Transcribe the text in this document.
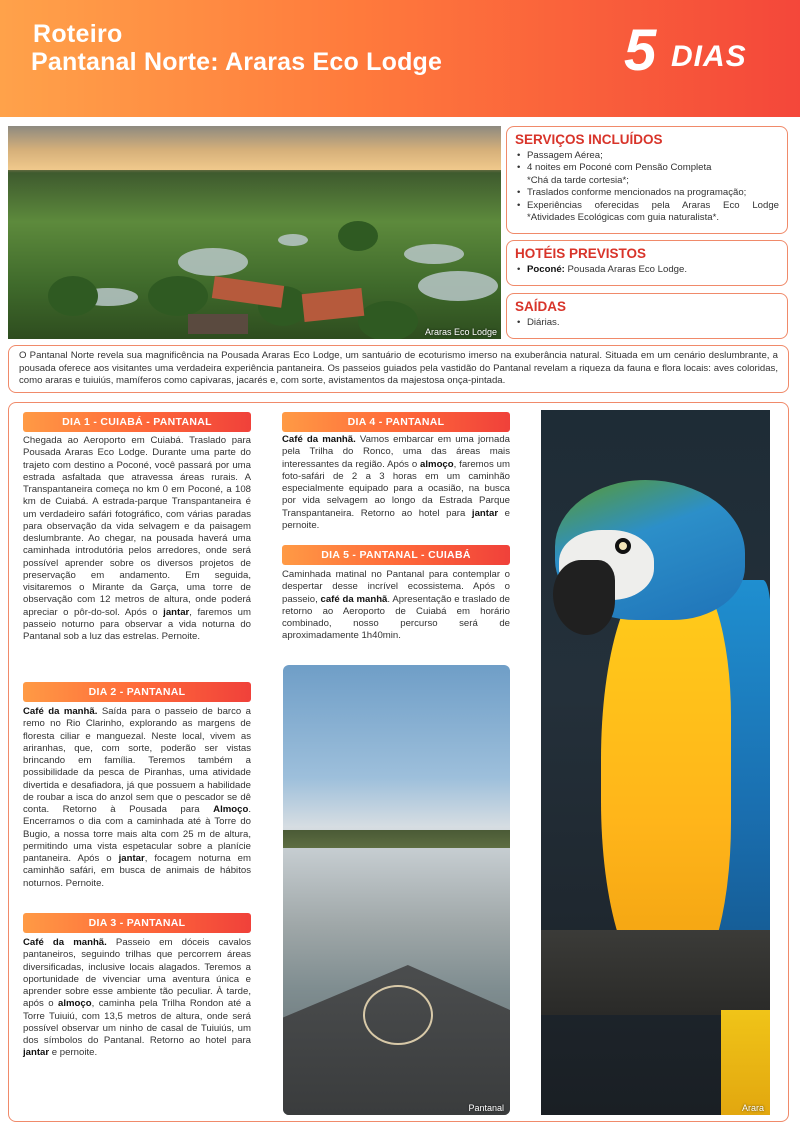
Roteiro
Pantanal Norte: Araras Eco Lodge	5 DIAS
Araras Eco Lodge
SERVIÇOS INCLUÍDOS
• Passagem Aérea;
• 4 noites em Poconé com Pensão Completa
*Chá da tarde cortesia*;
• Traslados conforme mencionados na programação;
• Experiências oferecidas pela Araras Eco Lodge *Atividades Ecológicas com guia naturalista*.
HOTÉIS PREVISTOS
• Poconé: Pousada Araras Eco Lodge.
SAÍDAS
• Diárias.
O Pantanal Norte revela sua magnificência na Pousada Araras Eco Lodge, um santuário de ecoturismo imerso na exuberância natural. Situada em um cenário deslumbrante, a pousada oferece aos visitantes uma verdadeira experiência pantaneira. Os passeios guiados pela vastidão do Pantanal revelam a riqueza da fauna e flora locais: aves coloridas, como araras e tuiuiús, mamíferos como capivaras, jacarés e, com sorte, avistamentos da majestosa onça-pintada.
DIA 1 - CUIABÁ - PANTANAL
Chegada ao Aeroporto em Cuiabá. Traslado para Pousada Araras Eco Lodge. Durante uma parte do trajeto com destino a Poconé, você passará por uma estrada asfaltada que atravessa áreas rurais. A Transpantaneira começa no km 0 em Poconé, a 108 km de Cuiabá. A estrada-parque Transpantaneira é um verdadeiro safári fotográfico, com várias paradas para observação da vida selvagem e da paisagem deslumbrante. Ao chegar, na pousada haverá uma caminhada introdutória pelos arredores, onde será possível aprender sobre os diversos projetos de preservação em andamento. Em seguida, visitaremos o Mirante da Garça, uma torre de observação com 12 metros de altura, onde poderá apreciar o pôr-do-sol. Após o jantar, faremos um passeio noturno para observar a vida noturna do Pantanal sob a luz das estrelas. Pernoite.
DIA 2 - PANTANAL
Café da manhã. Saída para o passeio de barco a remo no Rio Clarinho, explorando as margens de floresta ciliar e manguezal. Neste local, vivem as ariranhas, que, com sorte, poderão ser vistas brincando em família. Teremos também a possibilidade da pesca de Piranhas, uma atividade divertida e desafiadora, já que possuem a habilidade de roubar a isca do anzol sem que o pescador se dê conta. Retorno à Pousada para Almoço. Encerramos o dia com a caminhada até à Torre do Bugio, a nossa torre mais alta com 25 m de altura, permitindo uma vista espetacular sobre a planície pantaneira. Após o jantar, focagem noturna em caminhão safári, em busca de animais de hábitos noturnos. Pernoite.
DIA 3 - PANTANAL
Café da manhã. Passeio em dóceis cavalos pantaneiros, seguindo trilhas que percorrem áreas diversificadas, inclusive locais alagados. Teremos a oportunidade de vivenciar uma aventura única e aprender sobre esse ambiente tão peculiar. À tarde, após o almoço, caminha pela Trilha Rondon até a Torre Tuiuiú, com 13,5 metros de altura, onde será possível observar um ninho de casal de Tuiuiús, um dos símbolos do Pantanal. Retorno ao hotel para jantar e pernoite.
DIA 4 - PANTANAL
Café da manhã. Vamos embarcar em uma jornada pela Trilha do Ronco, uma das áreas mais interessantes da região. Após o almoço, faremos um foto-safári de 2 a 3 horas em um caminhão especialmente equipado para a ocasião, na busca por vida selvagem ao longo da Estrada Parque Transpantaneira. Retorno ao hotel para jantar e pernoite.
DIA 5 - PANTANAL - CUIABÁ
Caminhada matinal no Pantanal para contemplar o despertar desse incrível ecossistema. Após o passeio, café da manhã. Apresentação e traslado de retorno ao Aeroporto de Cuiabá em horário combinado, nosso percurso será de aproximadamente 1h40min.
Pantanal	Arara
